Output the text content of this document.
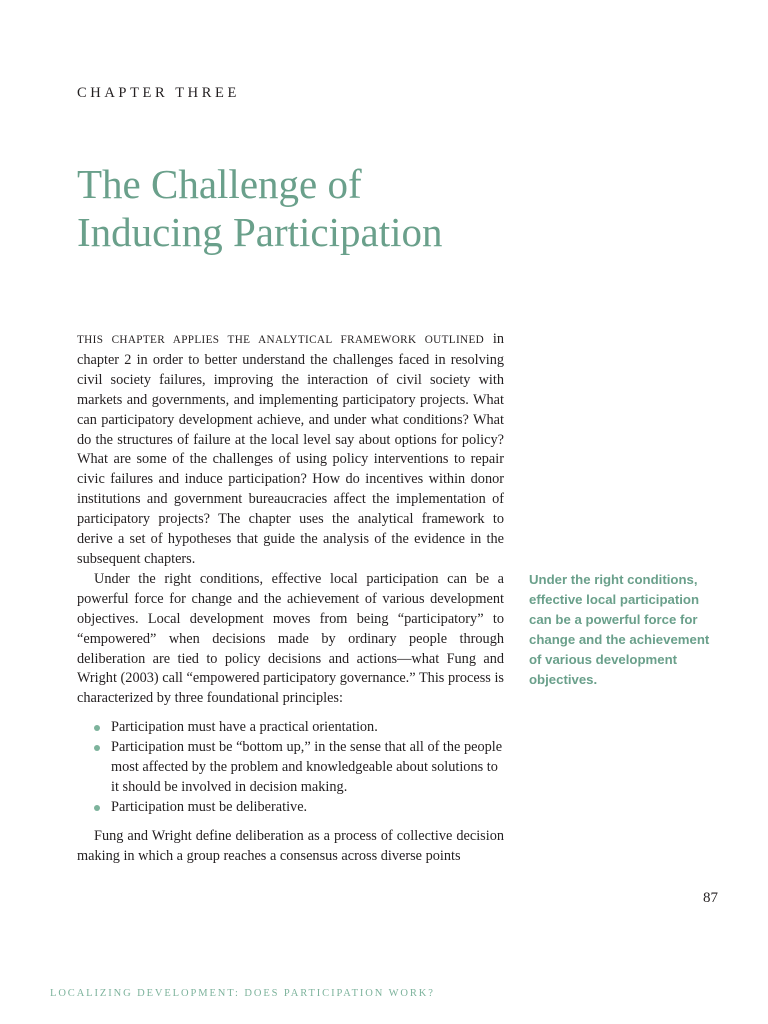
CHAPTER THREE
The Challenge of
Inducing Participation

THIS CHAPTER APPLIES THE ANALYTICAL FRAMEWORK OUTLINED in chapter 2 in order to better understand the challenges faced in resolving civil society failures, improving the interaction of civil society with markets and governments, and implementing participatory projects. What can participatory development achieve, and under what conditions? What do the structures of failure at the local level say about options for policy? What are some of the challenges of using policy interventions to repair civic failures and induce participation? How do incentives within donor institutions and government bureaucracies affect the implementation of participatory projects? The chapter uses the analytical framework to derive a set of hypotheses that guide the analysis of the evidence in the subsequent chapters.

Under the right conditions, effective local participation can be a powerful force for change and the achievement of various development objectives. Local development moves from being “participatory” to “empowered” when decisions made by ordinary people through deliberation are tied to policy decisions and actions—what Fung and Wright (2003) call “empowered participatory governance.” This process is characterized by three foundational principles:

Participation must have a practical orientation.
Participation must be “bottom up,” in the sense that all of the people most affected by the problem and knowledgeable about solutions to it should be involved in decision making.
Participation must be deliberative.

Fung and Wright define deliberation as a process of collective decision making in which a group reaches a consensus across diverse points

Under the right conditions, effective local participation can be a powerful force for change and the achievement of various development objectives.
87
LOCALIZING DEVELOPMENT: DOES PARTICIPATION WORK?
